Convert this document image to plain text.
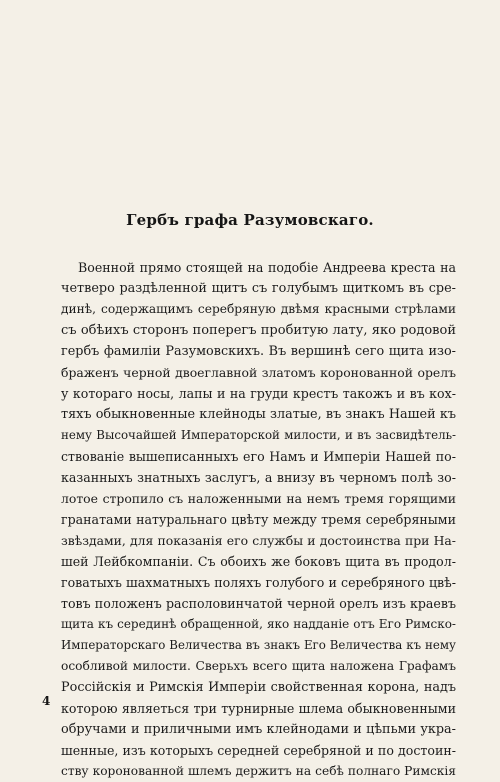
Гербъ графа Разумовскаго.
Военной прямо стоящей на подобiе Андреева креста на
четверо раздѣленной щитъ съ голубымъ щиткомъ въ сре-
динѣ, содержащимъ серебряную двѣмя красными стрѣлами
съ обѣихъ сторонъ поперегъ пробитую лату, яко родовой
гербъ фамилiи Разумовскихъ. Въ вершинѣ сего щита изо-
браженъ черной двоеглавной златомъ коронованной орелъ
у котораго носы, лапы и на груди крестъ такожъ и въ кох-
тяхъ обыкновенные клейноды златые, въ знакъ Нашей къ
нему Высочайшей Императорской милости, и въ засвидѣтель-
ствованiе вышеписанныхъ его Намъ и Имперiи Нашей по-
казанныхъ знатныхъ заслугъ, а внизу въ черномъ полѣ зо-
лотое стропило съ наложенными на немъ тремя горящими
гранатами натуральнаго цвѣту между тремя серебряными
звѣздами, для показанiя его службы и достоинства при На-
шей Лейбкомпанiи. Съ обоихъ же боковъ щита въ продол-
говатыхъ шахматныхъ поляхъ голубого и серебряного цвѣ-
товъ положенъ располовинчатой черной орелъ изъ краевъ
щита къ серединѣ обращенной, яко надданiе отъ Его Римско-
Императорскаго Величества въ знакъ Его Величества къ нему
особливой милости. Сверьхъ всего щита наложена Графамъ
Россiйскiя и Римскiя Имперiи свойственная корона, надъ
которою являеться три турнирные шлема обыкновенными
обручами и приличными имъ клейнодами и цѣпьми укра-
шенные, изъ которыхъ середней серебряной и по достоин-
ству коронованной шлемъ держитъ на себѣ полнаго Римскiя
4
